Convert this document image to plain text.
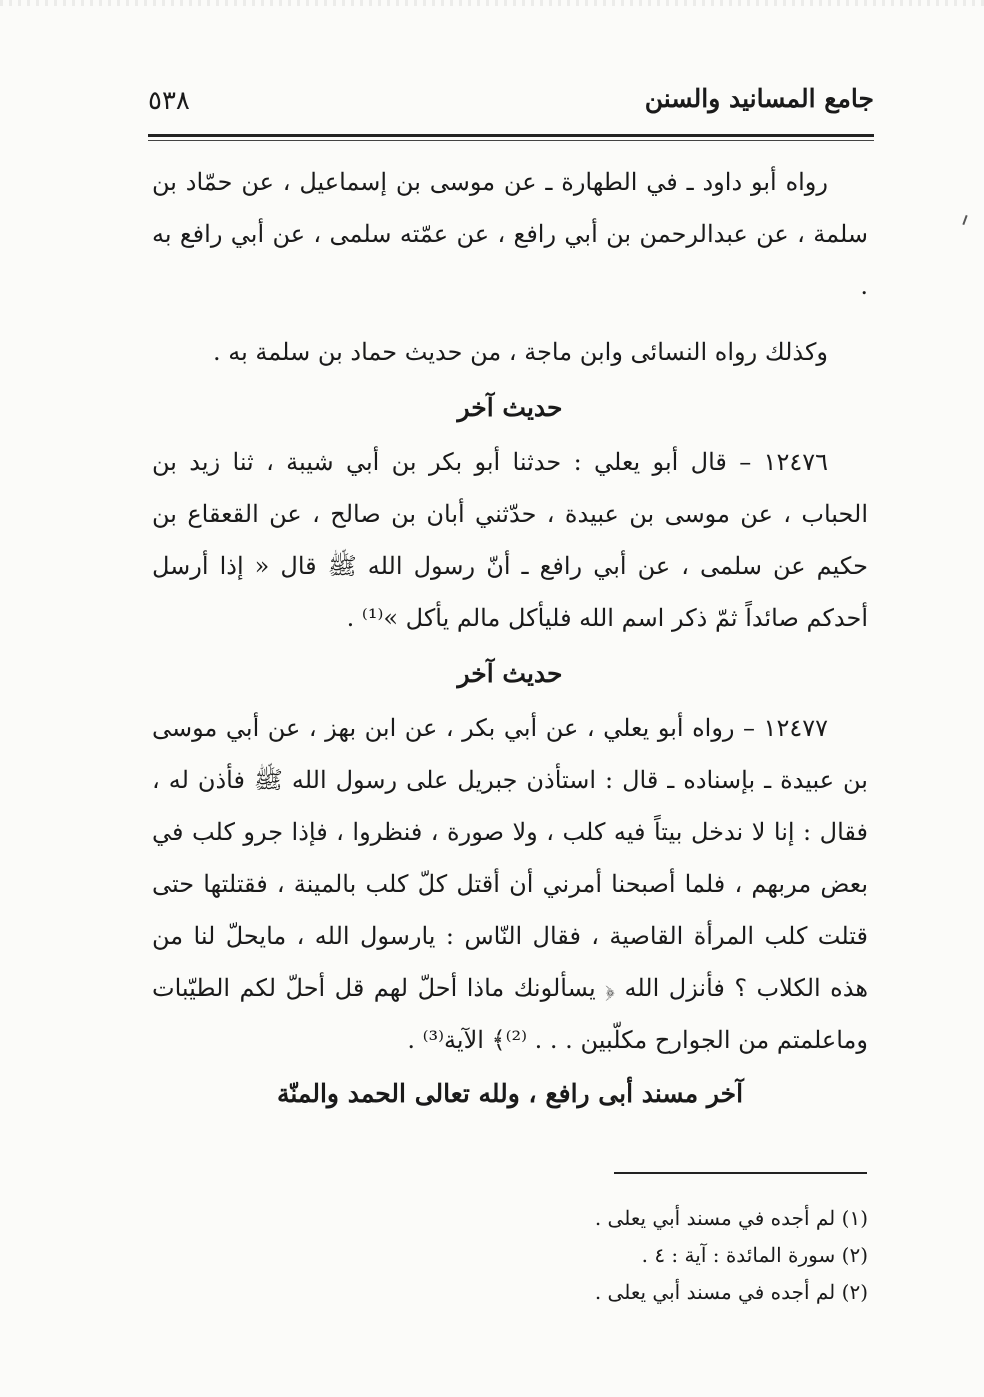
جامع المسانيد والسنن
٥٣٨

رواه أبو داود ـ في الطهارة ـ عن موسى بن إسماعيل ، عن حمّاد بن سلمة ، عن عبدالرحمن بن أبي رافع ، عن عمّته سلمى ، عن أبي رافع به .

وكذلك رواه النسائى وابن ماجة ، من حديث حماد بن سلمة به .

حديث آخر

١٢٤٧٦ – قال أبو يعلي : حدثنا أبو بكر بن أبي شيبة ، ثنا زيد بن الحباب ، عن موسى بن عبيدة ، حدّثني أبان بن صالح ، عن القعقاع بن حكيم عن سلمى ، عن أبي رافع ـ أنّ رسول الله ﷺ قال « إذا أرسل أحدكم صائداً ثمّ ذكر اسم الله فليأكل مالم يأكل »⁽¹⁾ .

حديث آخر

١٢٤٧٧ – رواه أبو يعلي ، عن أبي بكر ، عن ابن بهز ، عن أبي موسى بن عبيدة ـ بإسناده ـ قال : استأذن جبريل على رسول الله ﷺ فأذن له ، فقال : إنا لا ندخل بيتاً فيه كلب ، ولا صورة ، فنظروا ، فإذا جرو كلب في بعض مربهم ، فلما أصبحنا أمرني أن أقتل كلّ كلب بالمينة ، فقتلتها حتى قتلت كلب المرأة القاصية ، فقال النّاس : يارسول الله ، مايحلّ لنا من هذه الكلاب ؟ فأنزل الله ﴿ يسألونك ماذا أحلّ لهم قل أحلّ لكم الطيّبات وماعلمتم من الجوارح مكلّبين . . . ⁽²⁾﴾ الآية⁽³⁾ .

آخر مسند أبى رافع ، ولله تعالى الحمد والمنّة
(١) لم أجده في مسند أبي يعلى .
(٢) سورة المائدة : آية : ٤ .
(٢) لم أجده في مسند أبي يعلى .
